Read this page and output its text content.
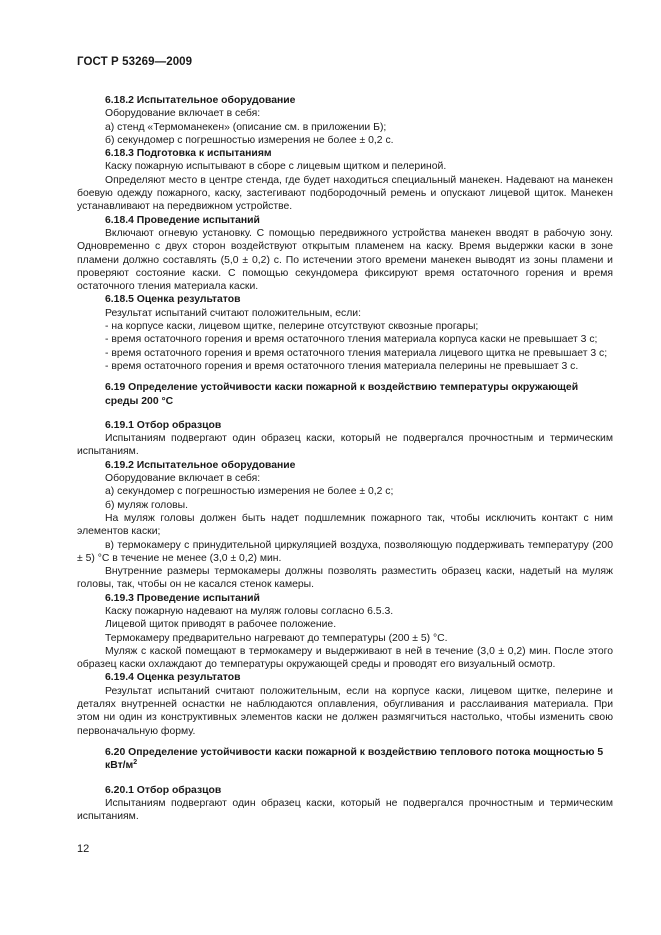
ГОСТ Р 53269—2009

6.18.2 Испытательное оборудование

Оборудование включает в себя:

а) стенд «Термоманекен» (описание см. в приложении Б);

б) секундомер с погрешностью измерения не более ± 0,2 с.

6.18.3 Подготовка к испытаниям

Каску пожарную испытывают в сборе с лицевым щитком и пелериной.

Определяют место в центре стенда, где будет находиться специальный манекен. Надевают на манекен боевую одежду пожарного, каску, застегивают подбородочный ремень и опускают лицевой щиток. Манекен устанавливают на передвижном устройстве.

6.18.4 Проведение испытаний

Включают огневую установку. С помощью передвижного устройства манекен вводят в рабочую зону. Одновременно с двух сторон воздействуют открытым пламенем на каску. Время выдержки каски в зоне пламени должно составлять (5,0 ± 0,2) с. По истечении этого времени манекен выводят из зоны пламени и проверяют состояние каски. С помощью секундомера фиксируют время остаточного горения и время остаточного тления материала каски.

6.18.5 Оценка результатов

Результат испытаний считают положительным, если:

- на корпусе каски, лицевом щитке, пелерине отсутствуют сквозные прогары;

- время остаточного горения и время остаточного тления материала корпуса каски не превышает 3 с;

- время остаточного горения и время остаточного тления материала лицевого щитка не превышает 3 с;

- время остаточного горения и время остаточного тления материала пелерины не превышает 3 с.

6.19 Определение устойчивости каски пожарной к воздействию температуры окружающей среды 200 °С

6.19.1 Отбор образцов

Испытаниям подвергают один образец каски, который не подвергался прочностным и термическим испытаниям.

6.19.2 Испытательное оборудование

Оборудование включает в себя:

а) секундомер с погрешностью измерения не более ± 0,2 с;

б) муляж головы.

На муляж головы должен быть надет подшлемник пожарного так, чтобы исключить контакт с ним элементов каски;

в) термокамеру с принудительной циркуляцией воздуха, позволяющую поддерживать температуру (200 ± 5) °С в течение не менее (3,0 ± 0,2) мин.

Внутренние размеры термокамеры должны позволять разместить образец каски, надетый на муляж головы, так, чтобы он не касался стенок камеры.

6.19.3 Проведение испытаний

Каску пожарную надевают на муляж головы согласно 6.5.3.

Лицевой щиток приводят в рабочее положение.

Термокамеру предварительно нагревают до температуры (200 ± 5) °С.

Муляж с каской помещают в термокамеру и выдерживают в ней в течение (3,0 ± 0,2) мин. После этого образец каски охлаждают до температуры окружающей среды и проводят его визуальный осмотр.

6.19.4 Оценка результатов

Результат испытаний считают положительным, если на корпусе каски, лицевом щитке, пелерине и деталях внутренней оснастки не наблюдаются оплавления, обугливания и расслаивания материала. При этом ни один из конструктивных элементов каски не должен размягчиться настолько, чтобы изменить свою первоначальную форму.

6.20 Определение устойчивости каски пожарной к воздействию теплового потока мощностью 5 кВт/$м^2$

6.20.1 Отбор образцов

Испытаниям подвергают один образец каски, который не подвергался прочностным и термическим испытаниям.

12
